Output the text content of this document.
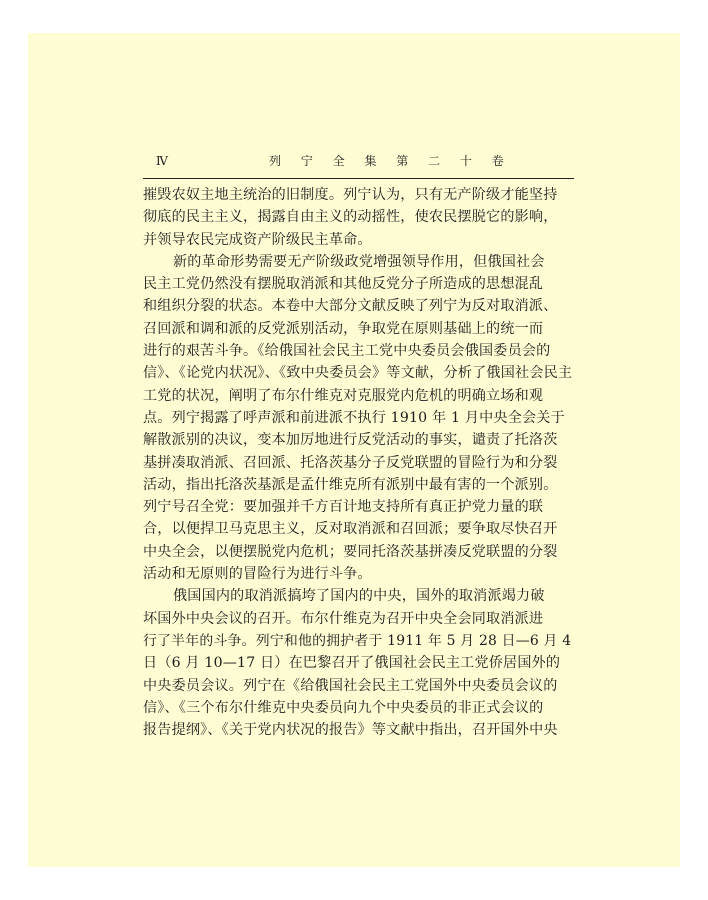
Ⅳ	列 宁 全 集 第 二 十 卷
摧毁农奴主地主统治的旧制度。列宁认为，只有无产阶级才能坚持
彻底的民主主义，揭露自由主义的动摇性，使农民摆脱它的影响，
并领导农民完成资产阶级民主革命。
新的革命形势需要无产阶级政党增强领导作用，但俄国社会
民主工党仍然没有摆脱取消派和其他反党分子所造成的思想混乱
和组织分裂的状态。本卷中大部分文献反映了列宁为反对取消派、
召回派和调和派的反党派别活动，争取党在原则基础上的统一而
进行的艰苦斗争。《给俄国社会民主工党中央委员会俄国委员会的
信》、《论党内状况》、《致中央委员会》等文献，分析了俄国社会民主
工党的状况，阐明了布尔什维克对克服党内危机的明确立场和观
点。列宁揭露了呼声派和前进派不执行 1910 年 1 月中央全会关于
解散派别的决议，变本加厉地进行反党活动的事实，谴责了托洛茨
基拼凑取消派、召回派、托洛茨基分子反党联盟的冒险行为和分裂
活动，指出托洛茨基派是孟什维克所有派别中最有害的一个派别。
列宁号召全党：要加强并千方百计地支持所有真正护党力量的联
合，以便捍卫马克思主义，反对取消派和召回派；要争取尽快召开
中央全会，以便摆脱党内危机；要同托洛茨基拼凑反党联盟的分裂
活动和无原则的冒险行为进行斗争。
俄国国内的取消派搞垮了国内的中央，国外的取消派竭力破
坏国外中央会议的召开。布尔什维克为召开中央全会同取消派进
行了半年的斗争。列宁和他的拥护者于 1911 年 5 月 28 日—6 月 4
日（6 月 10—17 日）在巴黎召开了俄国社会民主工党侨居国外的
中央委员会议。列宁在《给俄国社会民主工党国外中央委员会议的
信》、《三个布尔什维克中央委员向九个中央委员的非正式会议的
报告提纲》、《关于党内状况的报告》等文献中指出，召开国外中央
